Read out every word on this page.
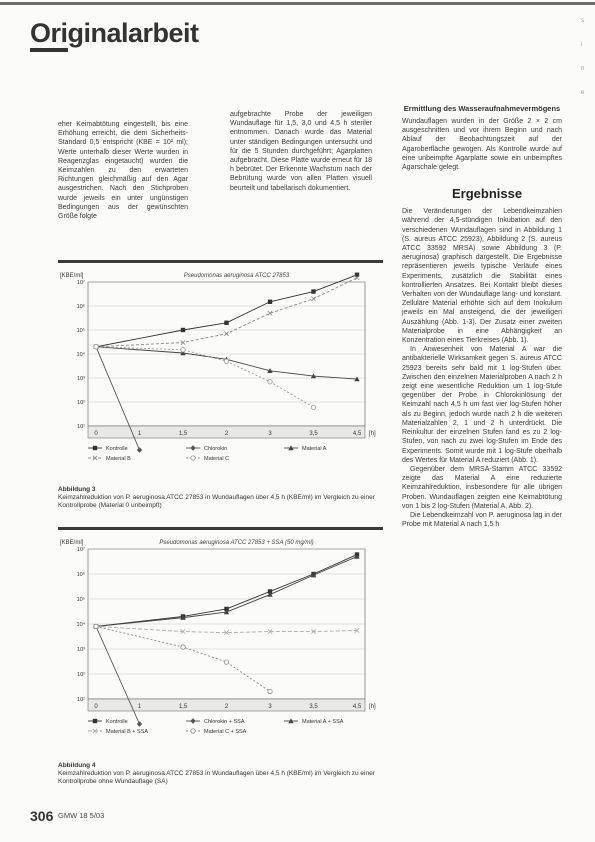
Originalarbeit	s
i
n
e

eher Keimabtötung eingestellt, bis eine Erhöhung erreicht, die dem Sicherheits-Standard 0,5 entspricht (KBE = 10² ml); Werte unterhalb dieser Werte wurden in Reagenzglas eingetaucht) wurden die Keimzahlen zu den erwarteten Richtungen gleichmäßig auf den Agar ausgestrichen. Nach den Stichproben wurde jeweils ein unter ungünstigen Bedingungen aus der gewünschten Größe folgte

aufgebrachte Probe der jeweiligen Wundauflage für 1,5, 3,0 und 4,5 h steriler entnommen. Danach wurde das Material unter ständigen Bedingungen untersucht und für die 5 Stunden durchgeführt; Agarplatten aufgebracht. Diese Platte wurde erneut für 18 h bebrütet. Der Erkennte Wachstum nach der Bebrütung wurde von allen Platten visuell beurteilt und tabellarisch dokumentiert.

Ermittlung des Wasseraufnahmevermögens
Wundauflagen wurden in der Größe 2 × 2 cm ausgeschnitten und vor ihrem Beginn und nach Ablauf der Beobachtungszeit auf der Agaroberfläche gewogen. Als Kontrolle wurde auf eine unbeimpfte Agarplatte sowie ein unbeimpftes Agarschale gelegt.
Ergebnisse
Die Veränderungen der Lebendkeimzahlen während der 4,5-stündigen Inkubation auf den verschiedenen Wundauflagen sind in Abbildung 1 (S. aureus ATCC 25923), Abbildung 2 (S. aureus ATCC 33592 MRSA) sowie Abbildung 3 (P. aeruginosa) graphisch dargestellt. Die Ergebnisse repräsentieren jeweils typische Verläufe eines Experiments, zusätzlich die Stabilität eines kontrollierten Ansatzes. Bei Kontakt bleibt dieses Verhalten von der Wundauflage lang- und konstant. Zelluläre Material erhöhte sich auf dem Inokulum jeweils ein Mal ansteigend, die der jeweiligen Auszählung (Abb. 1-3). Der Zusatz einer zweiten Materialprobe in eine Abhängigkeit an Konzentration eines Tierkreises (Abb. 1).
In Anwesenheit von Material A war die antibakterielle Wirksamkeit gegen S. aureus ATCC 25923 bereits sehr bald mit 1 log-Stufen über. Zwischen den einzelnen Materialproben A nach 2 h zeigt eine wesentliche Reduktion um 1 log-Stufe gegenüber der Probe in Chlorokinlösung der Keimzahl nach 4,5 h um fast vier log-Stufen höher als zu Beginn, jedoch wurde nach 2 h die weiteren Materialzahlen 2, 1 und 2 h unterdrückt. Die Reinkultur der einzelnen Stufen fand es zu 2 log-Stufen, von nach zu zwei log-Stufen im Ende des Experiments. Somit wurde mit 1 log-Stufe oberhalb des Wertes für Material A reduziert (Abb. 1).
Gegenüber dem MRSA-Stamm ATCC 33592 zeigte das Material A eine reduzierte Keimzahlreduktion, insbesondere für alle übrigen Proben. Wundauflagen zeigten eine Keimabtötung von 1 bis 2 log-Stufen (Material A, Abb. 2).
Die Lebendkeimzahl von P. aeruginosa lag in der Probe mit Material A nach 1,5 h
Pseudomonas aeruginosa ATCC 27853
[KBE/ml]
10¹
10²
10³
10⁴
10⁵
10⁶
10⁷
0	1	1,5	2	3	3,5	4,5 [h]
Kontrolle	Chlorokin	Material A
Material B	Material C
Abbildung 3
Keimzahlreduktion von P. aeruginosa ATCC 27853 in Wundauflagen über 4,5 h (KBE/ml) im Vergleich zu einer Kontrollprobe (Material 0 unbeimpft)
Pseudomonas aeruginosa ATCC 27853 + SSA (50 mg/ml)
[KBE/ml]
10¹
10²
10³
10⁴
10⁵
10⁶
10⁷
0	1	1,5	2	3	3,5	4,5 [h]
Kontrolle	Chlorokin + SSA	Material A + SSA
Material B + SSA	Material C + SSA
Abbildung 4
Keimzahlreduktion von P. aeruginosa ATCC 27853 in Wundauflagen über 4,5 h (KBE/ml) im Vergleich zu einer Kontrollprobe ohne Wundauflage (SA)
306 GMW 18 5/03
